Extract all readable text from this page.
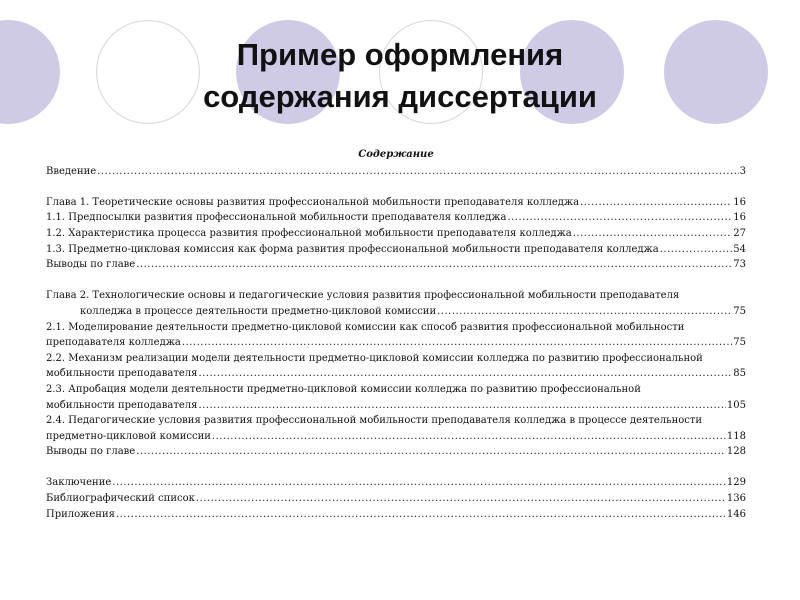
Пример оформления
содержания диссертации
Содержание
Введение .....	3
Глава 1. Теоретические основы развития профессиональной мобильности преподавателя колледжа .....	16
1.1. Предпосылки развития профессиональной мобильности преподавателя колледжа .....	16
1.2. Характеристика процесса развития профессиональной мобильности преподавателя колледжа .....	27
1.3. Предметно-цикловая комиссия как форма развития профессиональной мобильности преподавателя колледжа .....	54
Выводы по главе .....	73
Глава 2. Технологические основы и педагогические условия развития профессиональной мобильности преподавателя
колледжа в процессе деятельности предметно-цикловой комиссии .....	75
2.1. Моделирование деятельности предметно-цикловой комиссии как способ развития профессиональной мобильности
преподавателя колледжа .....	75
2.2. Механизм реализации модели деятельности предметно-цикловой комиссии колледжа по развитию профессиональной
мобильности преподавателя .....	85
2.3. Апробация модели деятельности предметно-цикловой комиссии колледжа по развитию профессиональной
мобильности преподавателя .....	105
2.4. Педагогические условия развития профессиональной мобильности преподавателя колледжа в процессе деятельности
предметно-цикловой комиссии .....	118
Выводы по главе .....	128
Заключение .....	129
Библиографический список .....	136
Приложения .....	146
